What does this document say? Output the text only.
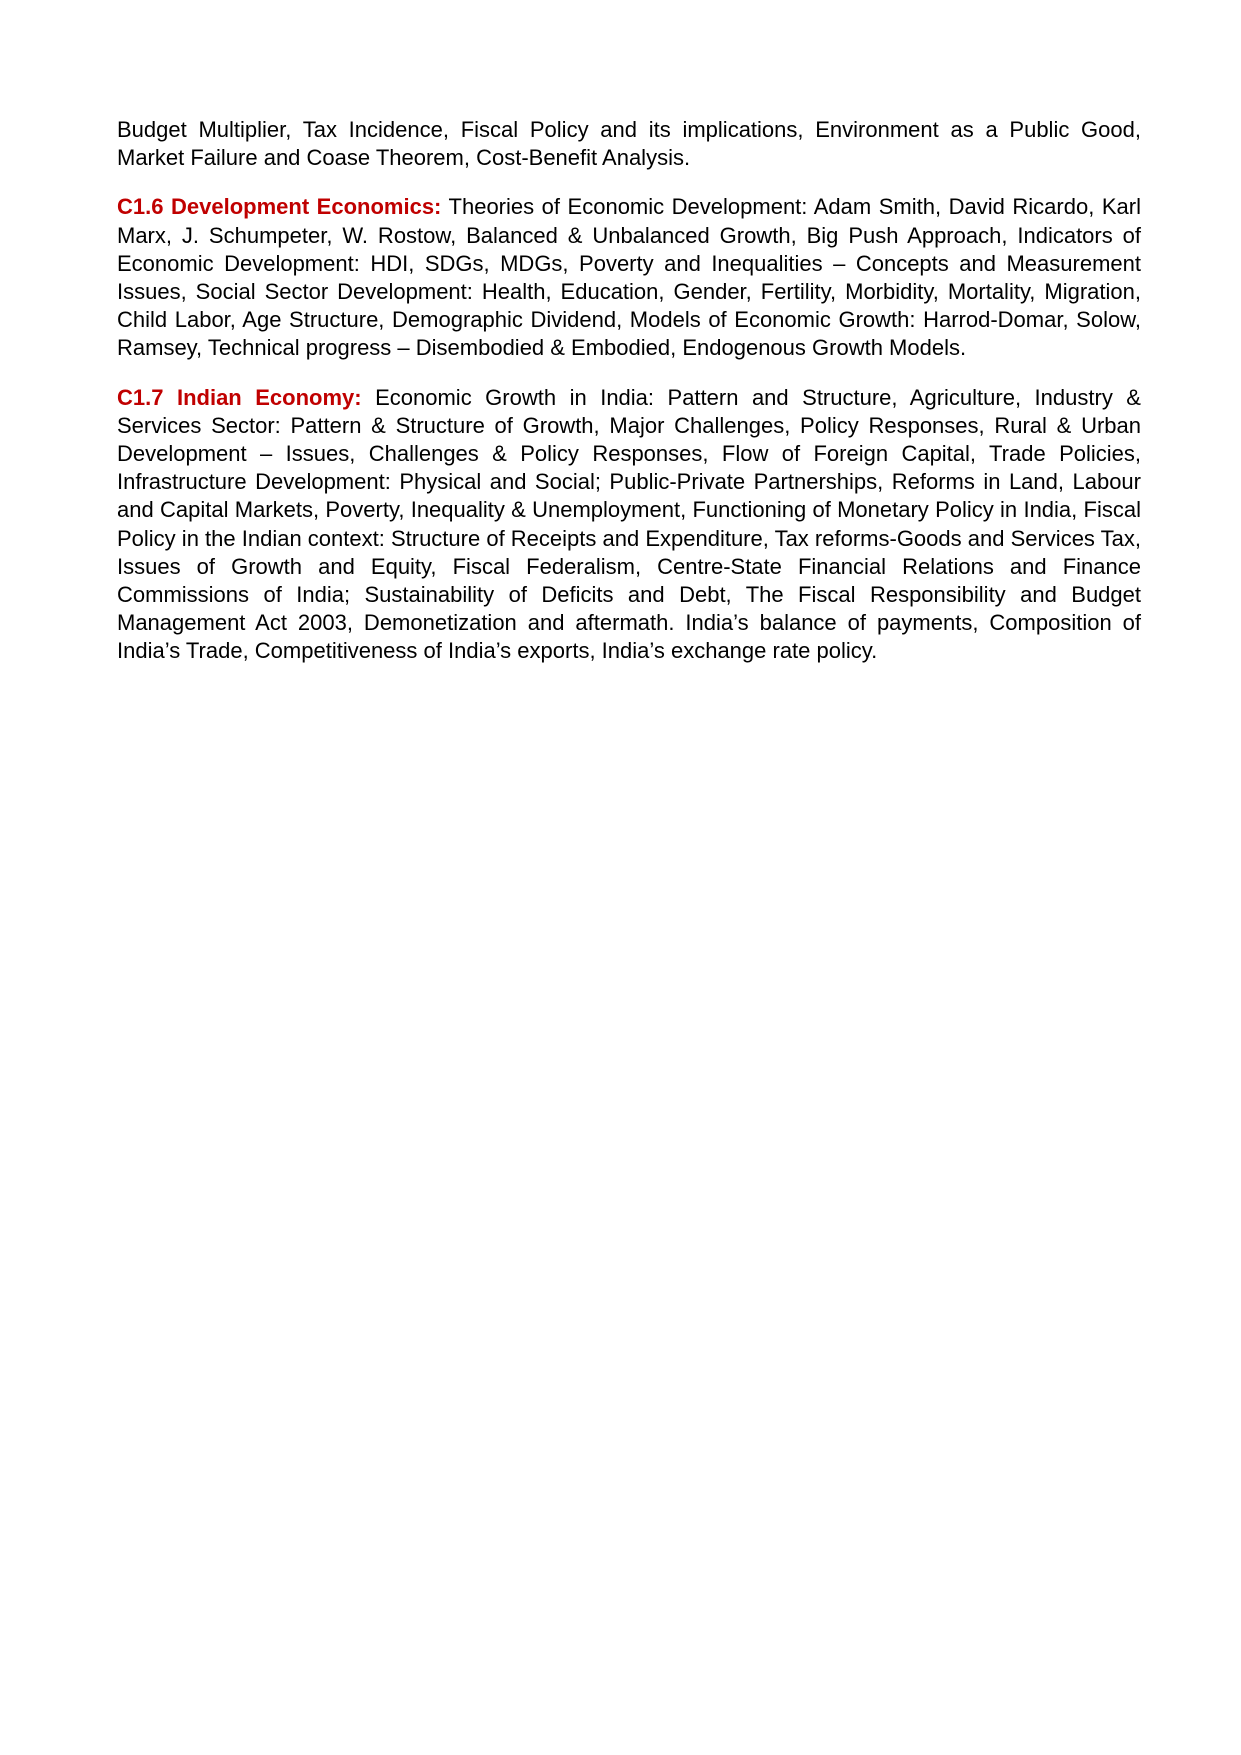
Budget Multiplier, Tax Incidence, Fiscal Policy and its implications, Environment as a Public Good, Market Failure and Coase Theorem, Cost-Benefit Analysis.

C1.6 Development Economics: Theories of Economic Development: Adam Smith, David Ricardo, Karl Marx, J. Schumpeter, W. Rostow, Balanced & Unbalanced Growth, Big Push Approach, Indicators of Economic Development: HDI, SDGs, MDGs, Poverty and Inequalities – Concepts and Measurement Issues, Social Sector Development: Health, Education, Gender, Fertility, Morbidity, Mortality, Migration, Child Labor, Age Structure, Demographic Dividend, Models of Economic Growth: Harrod-Domar, Solow, Ramsey, Technical progress – Disembodied & Embodied, Endogenous Growth Models.

C1.7 Indian Economy: Economic Growth in India: Pattern and Structure, Agriculture, Industry & Services Sector: Pattern & Structure of Growth, Major Challenges, Policy Responses, Rural & Urban Development – Issues, Challenges & Policy Responses, Flow of Foreign Capital, Trade Policies, Infrastructure Development: Physical and Social; Public-Private Partnerships, Reforms in Land, Labour and Capital Markets, Poverty, Inequality & Unemployment, Functioning of Monetary Policy in India, Fiscal Policy in the Indian context: Structure of Receipts and Expenditure, Tax reforms-Goods and Services Tax, Issues of Growth and Equity, Fiscal Federalism, Centre-State Financial Relations and Finance Commissions of India; Sustainability of Deficits and Debt, The Fiscal Responsibility and Budget Management Act 2003, Demonetization and aftermath. India’s balance of payments, Composition of India’s Trade, Competitiveness of India’s exports, India’s exchange rate policy.
